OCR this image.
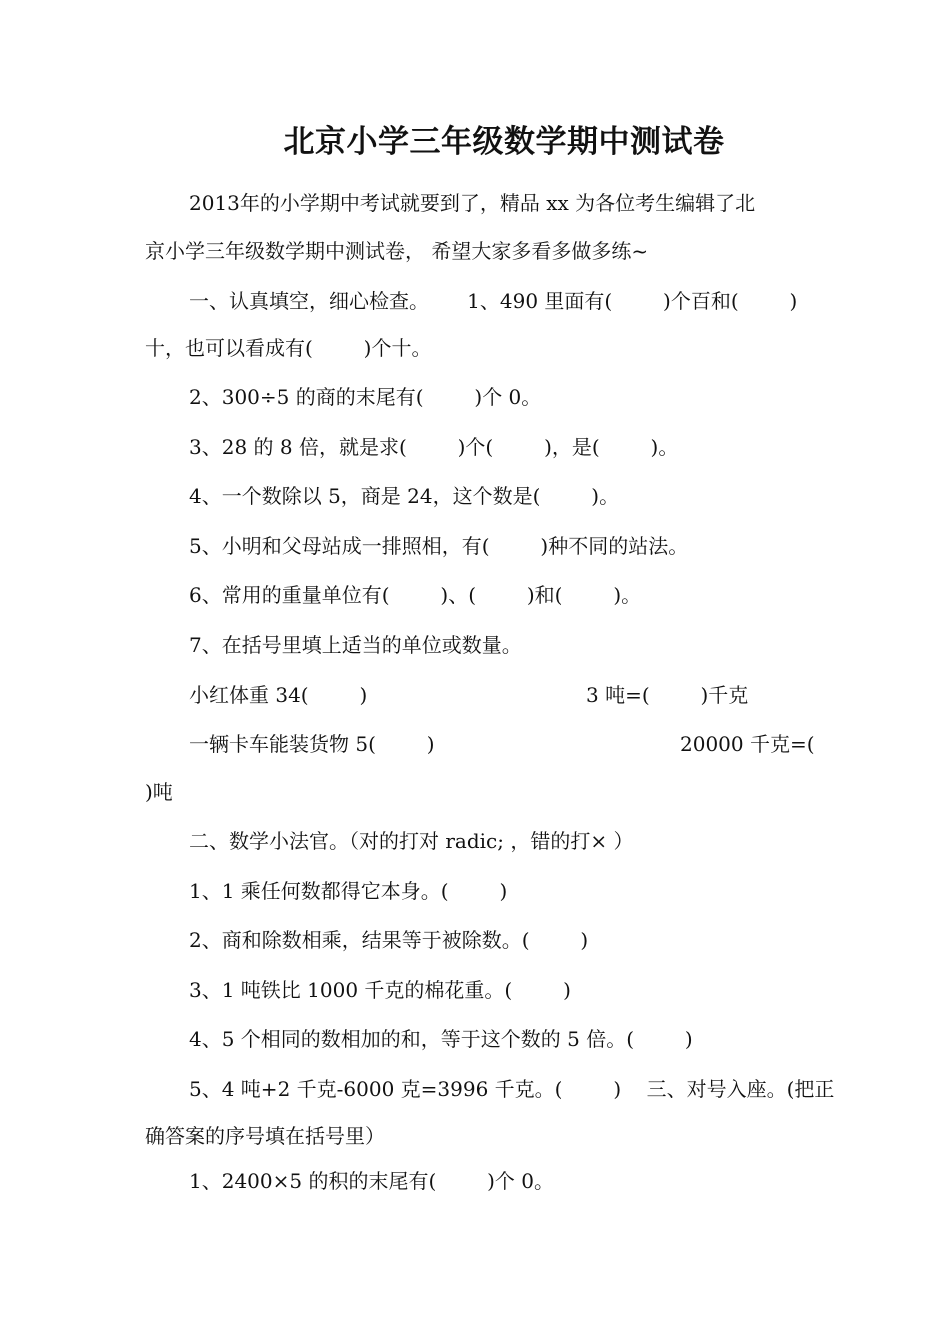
北京小学三年级数学期中测试卷
2013年的小学期中考试就要到了，精品 xx 为各位考生编辑了北
京小学三年级数学期中测试卷， 希望大家多看多做多练~
一、认真填空，细心检查。      1、490 里面有(        )个百和(        )
十，也可以看成有(        )个十。
2、300÷5 的商的末尾有(        )个 0。
3、28 的 8 倍，就是求(        )个(        )，是(        )。
4、一个数除以 5，商是 24，这个数是(        )。
5、小明和父母站成一排照相，有(        )种不同的站法。
6、常用的重量单位有(        )、(        )和(        )。
7、在括号里填上适当的单位或数量。
小红体重 34(        )	3 吨=(        )千克
一辆卡车能装货物 5(        )	20000 千克=(
)吨
二、数学小法官。（对的打对 radic; ，错的打× ）
1、1 乘任何数都得它本身。(        )
2、商和除数相乘，结果等于被除数。(        )
3、1 吨铁比 1000 千克的棉花重。(        )
4、5 个相同的数相加的和，等于这个数的 5 倍。(        )
5、4 吨+2 千克-6000 克=3996 千克。(        )    三、对号入座。(把正
确答案的序号填在括号里）
1、2400×5 的积的末尾有(        )个 0。
